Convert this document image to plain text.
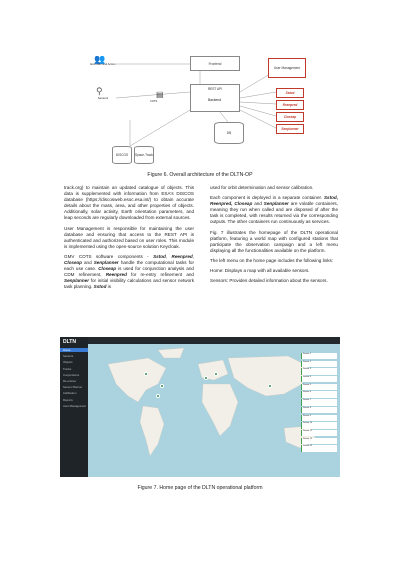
👥
End-user and Actors
⚲
Sensors
Frontend
User Management
REST API
Backend
▤
COTS
Sstod
Reenpred
Closeap
Senplanner
DB
DISCOS	Space-Track
Figure 6. Overall architecture of the DLTN-OP

track.org) to maintain an updated catalogue of objects. This data is supplemented with information from ESA's DISCOS database (https://discosweb.esoc.esa.int/) to obtain accurate details about the mass, area, and other properties of objects. Additionally, solar activity, Earth orientation parameters, and leap seconds are regularly downloaded from external sources.

User Management is responsible for maintaining the user database and ensuring that access to the REST API is authenticated and authorized based on user roles. This module is implemented using the open-source solution Keycloak.

GMV COTS software components - Sstod, Reenpred, Closeap and Senplanner handle the computational tasks for each use case. Closeap is used for conjunction analysis and CDM refinement, Reenpred for re-entry refinement and Senplanner for initial visibility calculations and sensor network task planning. Sstod is

used for orbit determination and sensor calibration.

Each component is deployed in a separate container. Sstod, Reenpred, Closeap and Senplanner are volatile containers, meaning they run when called and are disposed of after the task is completed, with results returned via the corresponding outputs. The other containers run continuously as services.

Fig. 7 illustrates the homepage of the DLTN operational platform, featuring a world map with configured stations that participate the observation campaign and a left menu displaying all the functionalities available on the platform.

The left menu on the home page includes the following links:

Home: Displays a map with all available sensors.

Sensors: Provides detailed information about the sensors.

DLTN
Home
Sensors
Objects
Tracks
Conjunctions
Re-entries
Sensor Planner
Calibration
Reports
User Management
Sensor 1
Sensor 2
Sensor 3
Sensor 4
Sensor 5
Sensor 6
Sensor 7
Sensor 8
Sensor 9
Sensor 10
Sensor 11
Sensor 12
Sensor 13
Figure 7. Home page of the DLTN operational platform
